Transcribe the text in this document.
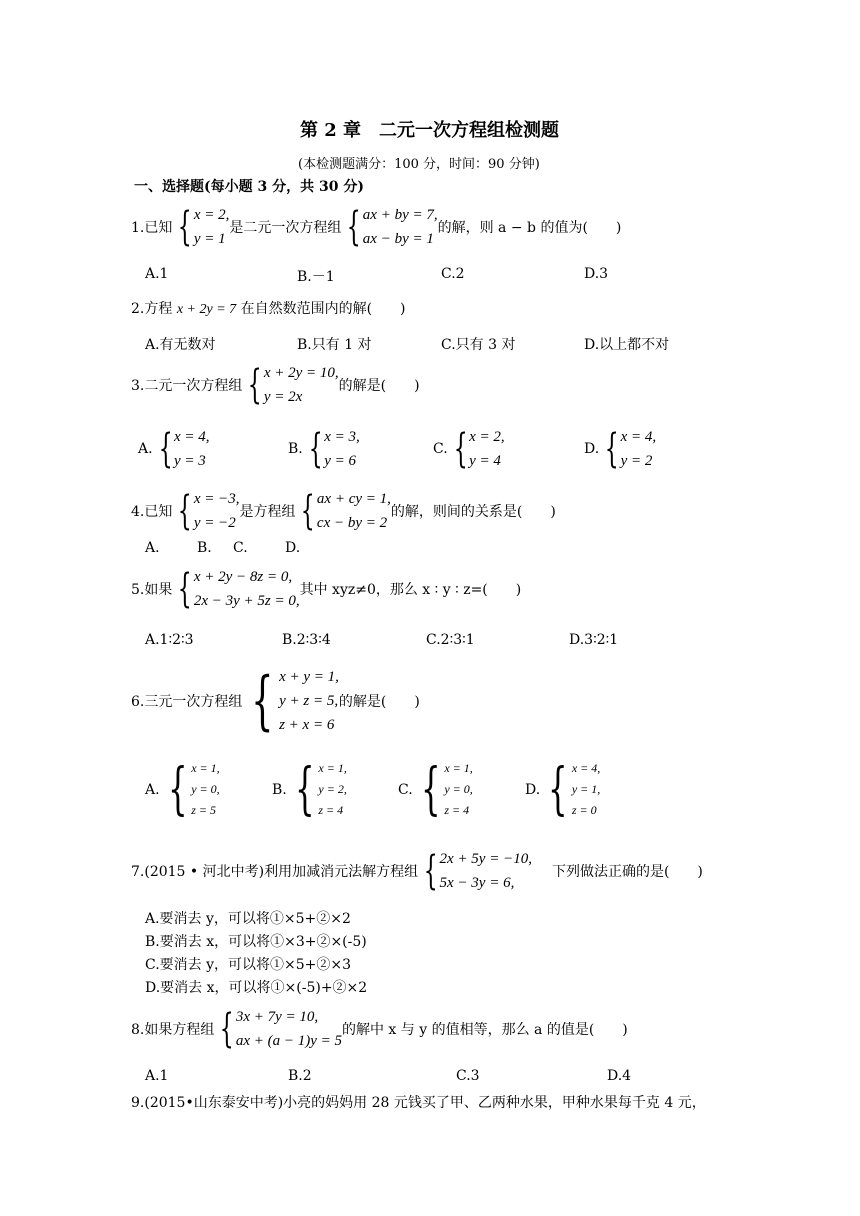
第 2 章　二元一次方程组检测题
(本检测题满分：100 分，时间：90 分钟)
一、选择题(每小题 3 分，共 30 分)
1.已知 { x = 2,
y = 1
是二元一次方程组 { ax + by = 7,
ax − by = 1
的解，则 a − b 的值为(　　)
A.1	B.－1	C.2	D.3
2.方程 x + 2y = 7 在自然数范围内的解(　　)
A.有无数对	B.只有 1 对	C.只有 3 对	D.以上都不对
3.二元一次方程组 { x + 2y = 10,
y = 2x
的解是(　　)
A. { x = 4,
y = 3
B. { x = 3,
y = 6
C. { x = 2,
y = 4
D. { x = 4,
y = 2
4.已知 { x = −3,
y = −2
是方程组 { ax + cy = 1,
cx − by = 2
的解，则间的关系是(　　)
A.	B. C.	D.
5.如果 { x + 2y − 8z = 0,
2x − 3y + 5z = 0,
其中 xyz≠0，那么 x ∶ y ∶ z=(　　)
A.1∶2∶3	B.2∶3∶4	C.2∶3∶1	D.3∶2∶1
6.三元一次方程组 { x + y = 1,
y + z = 5,
z + x = 6
的解是(　　)
A. { x = 1,
y = 0,
z = 5
B. { x = 1,
y = 2,
z = 4
C. { x = 1,
y = 0,
z = 4
D. { x = 4,
y = 1,
z = 0
7.(2015 • 河北中考)利用加减消元法解方程组 { 2x + 5y = −10,
5x − 3y = 6,
下列做法正确的是(　　)
A.要消去 y，可以将①×5+②×2
B.要消去 x，可以将①×3+②×(-5)
C.要消去 y，可以将①×5+②×3
D.要消去 x，可以将①×(-5)+②×2
8.如果方程组 { 3x + 7y = 10,
ax + (a − 1)y = 5
的解中 x 与 y 的值相等，那么 a 的值是(　　)
A.1	B.2	C.3	D.4
9.(2015•山东泰安中考)小亮的妈妈用 28 元钱买了甲、乙两种水果，甲种水果每千克 4 元，
